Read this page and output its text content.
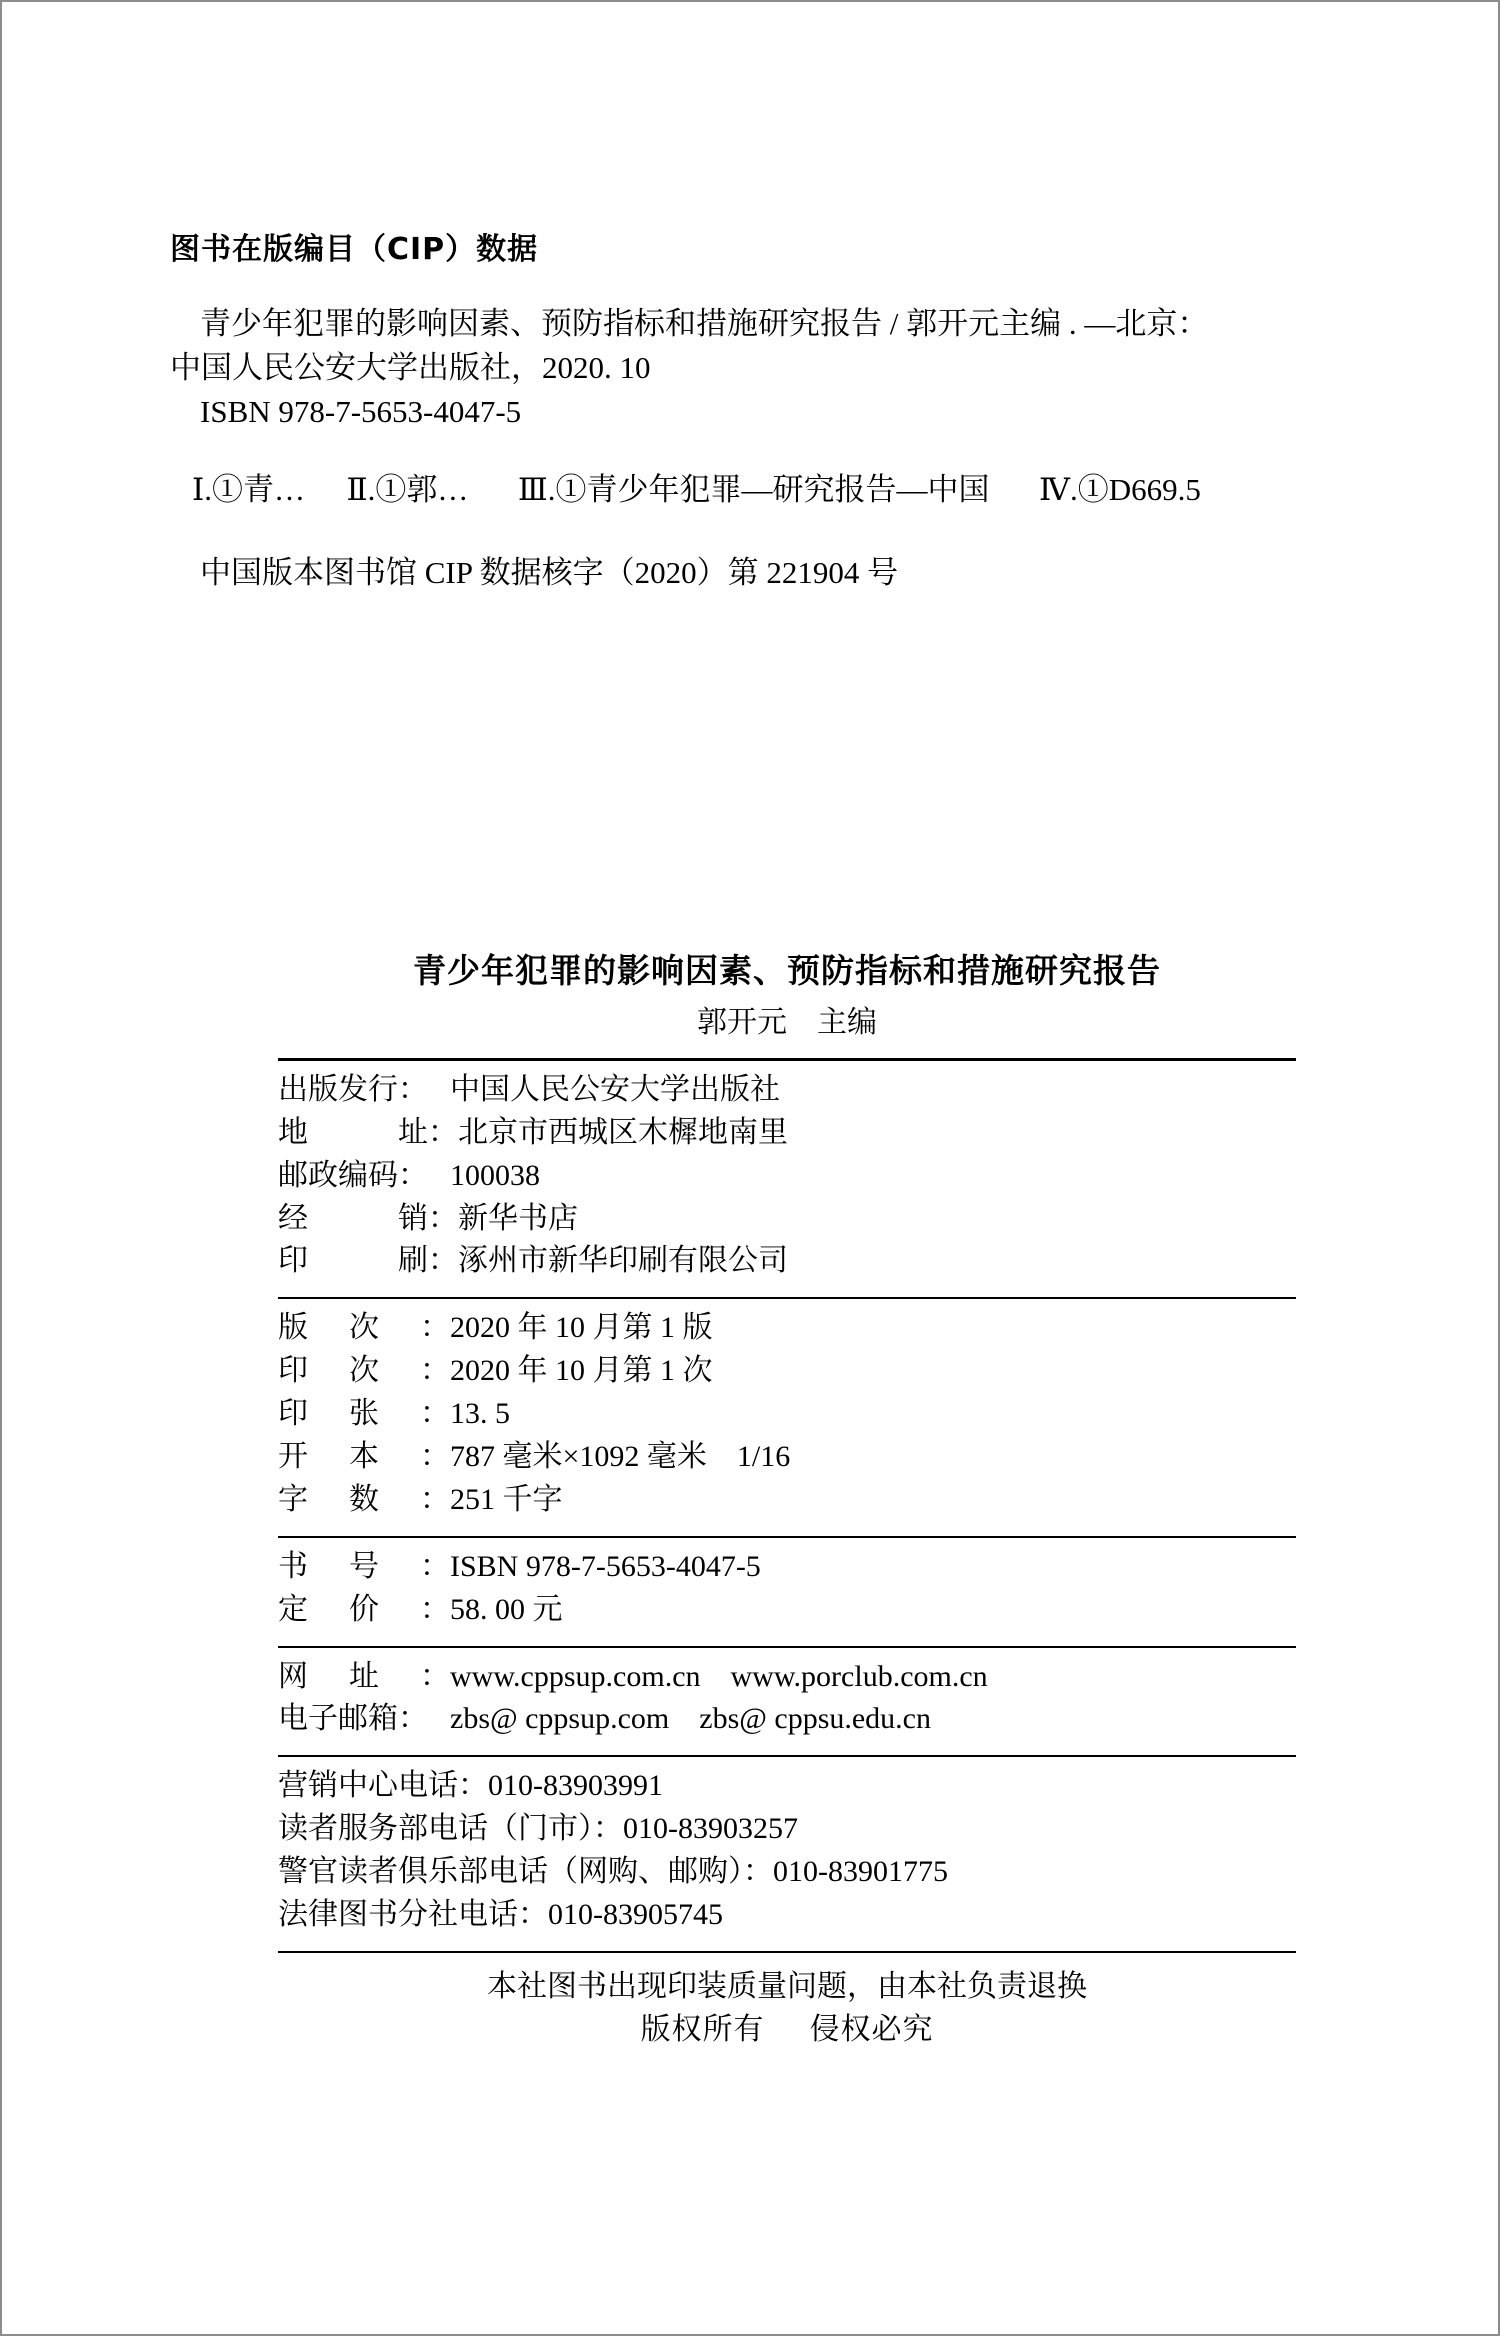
图书在版编目（CIP）数据

青少年犯罪的影响因素、预防指标和措施研究报告 / 郭开元主编 . —北京：

中国人民公安大学出版社，2020. 10

ISBN 978-7-5653-4047-5

Ⅰ.①青… Ⅱ.①郭… Ⅲ.①青少年犯罪—研究报告—中国 Ⅳ.①D669.5

中国版本图书馆 CIP 数据核字（2020）第 221904 号

青少年犯罪的影响因素、预防指标和措施研究报告

郭开元　主编

出版发行： 中国人民公安大学出版社
地　　　址： 北京市西城区木樨地南里
邮政编码： 100038
经　　　销： 新华书店
印　　　刷： 涿州市新华印刷有限公司
版 次 ： 2020 年 10 月第 1 版
印 次 ： 2020 年 10 月第 1 次
印 张 ： 13. 5
开 本 ： 787 毫米×1092 毫米　1/16
字 数 ： 251 千字
书 号 ： ISBN 978-7-5653-4047-5
定 价 ： 58. 00 元
网 址 ： www.cppsup.com.cn　www.porclub.com.cn
电子邮箱： zbs@ cppsup.com　zbs@ cppsu.edu.cn
营销中心电话：010-83903991
读者服务部电话（门市）：010-83903257
警官读者俱乐部电话（网购、邮购）：010-83901775
法律图书分社电话：010-83905745
本社图书出现印装质量问题，由本社负责退换
版权所有 侵权必究
